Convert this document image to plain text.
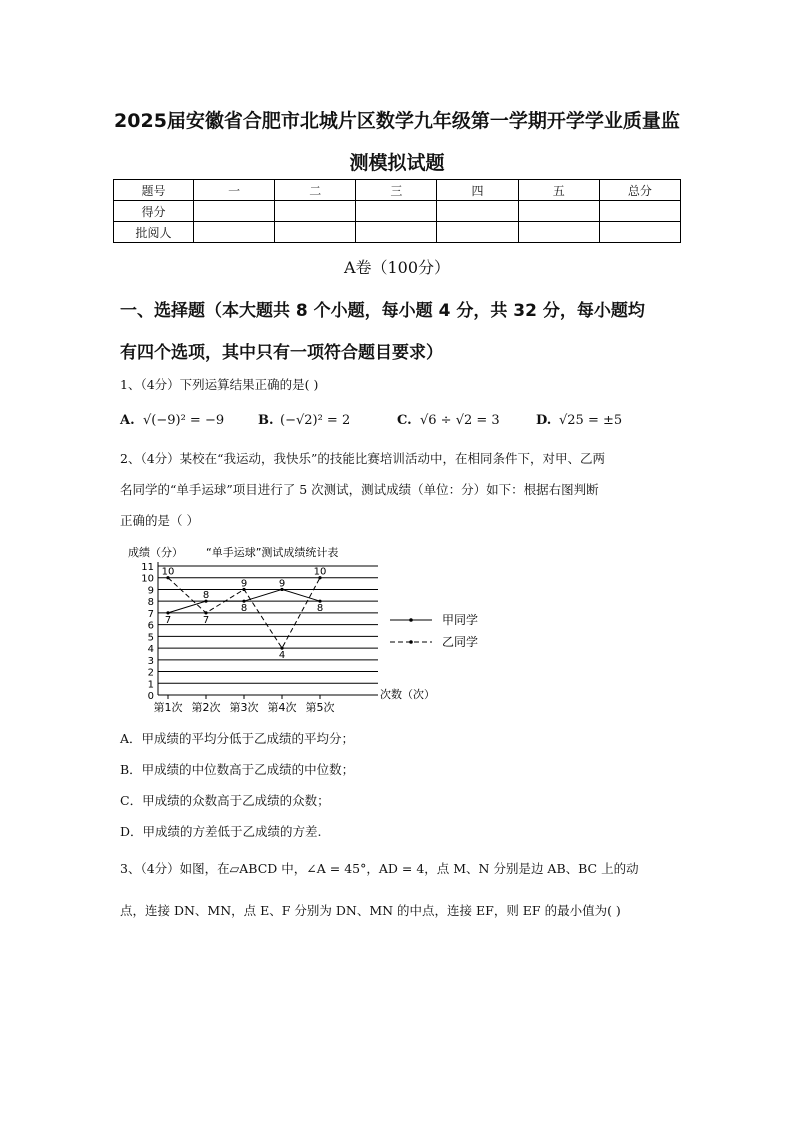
2025届安徽省合肥市北城片区数学九年级第一学期开学学业质量监
测模拟试题
题号	一	二	三	四	五	总分
得分						
批阅人						
A卷（100分）
一、选择题（本大题共 8 个小题，每小题 4 分，共 32 分，每小题均
有四个选项，其中只有一项符合题目要求）
1、（4分）下列运算结果正确的是( )
A. √(−9)² = −9	B. (−√2)² = 2	C. √6 ÷ √2 = 3	D. √25 = ±5
2、（4分）某校在“我运动，我快乐”的技能比赛培训活动中，在相同条件下，对甲、乙两
名同学的“单手运球”项目进行了 5 次测试，测试成绩（单位：分）如下：根据右图判断
正确的是（ ）
成绩（分） “单手运球”测试成绩统计表
0
1
2
3
4
5
6
7
8
9
10
11
第1次 第2次 第3次 第4次 第5次
7
8
8
9
8
10
7
9
4
10
次数（次）
甲同学
乙同学
A．甲成绩的平均分低于乙成绩的平均分；
B．甲成绩的中位数高于乙成绩的中位数；
C．甲成绩的众数高于乙成绩的众数；
D．甲成绩的方差低于乙成绩的方差.
3、（4分）如图，在▱ABCD 中，∠A = 45°，AD = 4，点 M、N 分别是边 AB、BC 上的动
点，连接 DN、MN，点 E、F 分别为 DN、MN 的中点，连接 EF，则 EF 的最小值为( )
